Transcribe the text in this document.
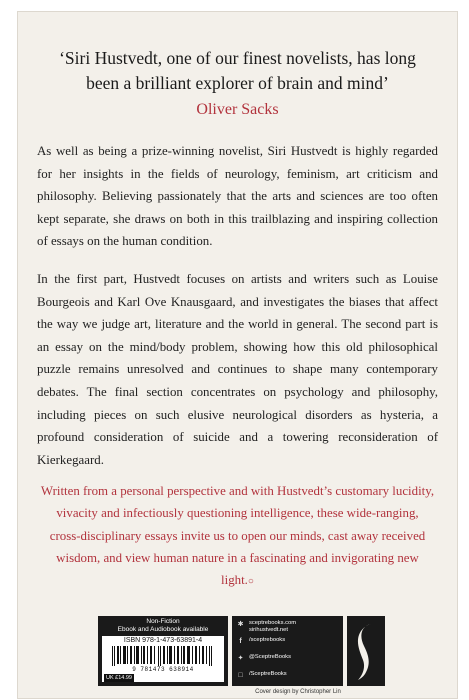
‘Siri Hustvedt, one of our finest novelists, has long
been a brilliant explorer of brain and mind’
Oliver Sacks
As well as being a prize-winning novelist, Siri Hustvedt is highly regarded for her insights in the fields of neurology, feminism, art criticism and philosophy. Believing passionately that the arts and sciences are too often kept separate, she draws on both in this trailblazing and inspiring collection of essays on the human condition.
In the first part, Hustvedt focuses on artists and writers such as Louise Bourgeois and Karl Ove Knausgaard, and investigates the biases that affect the way we judge art, literature and the world in general. The second part is an essay on the mind/body problem, showing how this old philosophical puzzle remains unresolved and continues to shape many contemporary debates. The final section concentrates on psychology and philosophy, including pieces on such elusive neurological disorders as hysteria, a profound consideration of suicide and a towering reconsideration of Kierkegaard.
Written from a personal perspective and with Hustvedt’s customary lucidity, vivacity and infectiously questioning intelligence, these wide-ranging, cross-disciplinary essays invite us to open our minds, cast away received wisdom, and view human nature in a fascinating and invigorating new light.○
Non-Fiction
Ebook and Audiobook available
ISBN 978-1-473-63891-4
9 781473 638914
UK £14.99
✱ sceptrebooks.com
sirihustvedt.net
f	/sceptrebooks
✦ @SceptreBooks
□	/SceptreBooks
Cover design by Christopher Lin
